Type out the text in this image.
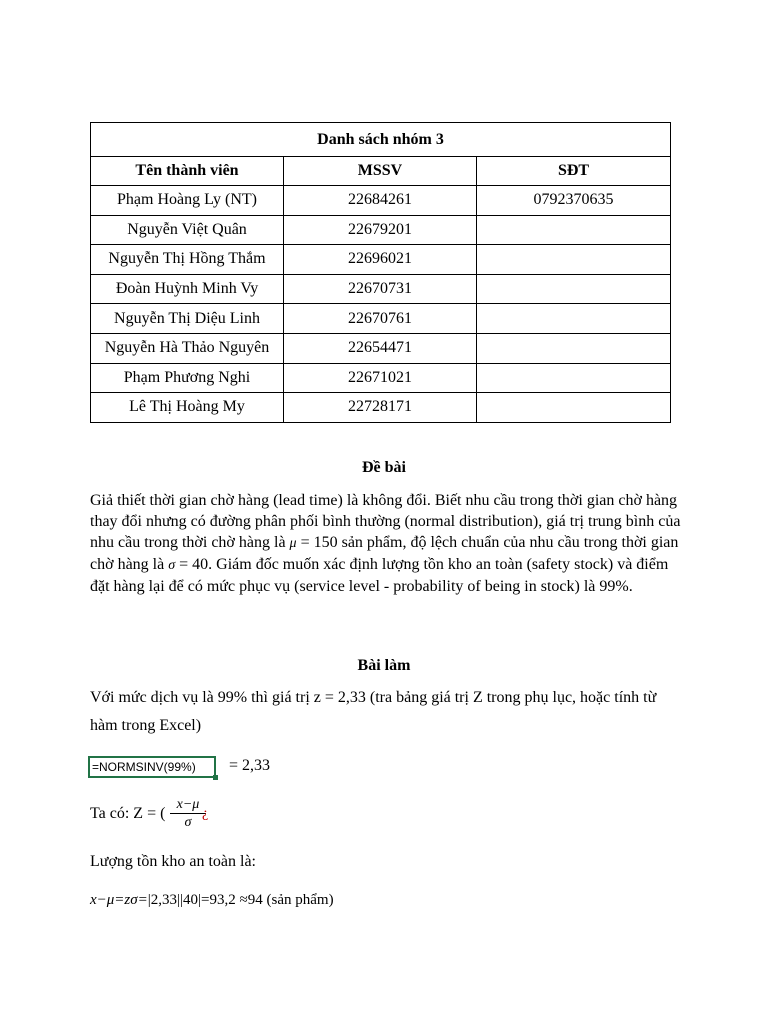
Danh sách nhóm 3		
Tên thành viên	MSSV	SĐT
Phạm Hoàng Ly (NT)	22684261	0792370635
Nguyễn Việt Quân	22679201	
Nguyễn Thị Hồng Thắm	22696021	
Đoàn Huỳnh Minh Vy	22670731	
Nguyễn Thị Diệu Linh	22670761	
Nguyễn Hà Thảo Nguyên	22654471	
Phạm Phương Nghi	22671021	
Lê Thị Hoàng My	22728171	
Đề bài
Giả thiết thời gian chờ hàng (lead time) là không đổi. Biết nhu cầu trong thời gian chờ hàng thay đổi nhưng có đường phân phối bình thường (normal distribution), giá trị trung bình của nhu cầu trong thời chờ hàng là μ = 150 sản phẩm, độ lệch chuẩn của nhu cầu trong thời gian chờ hàng là σ = 40. Giám đốc muốn xác định lượng tồn kho an toàn (safety stock) và điểm đặt hàng lại để có mức phục vụ (service level - probability of being in stock) là 99%.
Bài làm
Với mức dịch vụ là 99% thì giá trị z = 2,33 (tra bảng giá trị Z trong phụ lục, hoặc tính từ hàm trong Excel)
=NORMSINV(99%)	= 2,33
Ta có: Z = ( $\frac{x-\mu}{\sigma}$
¿
Lượng tồn kho an toàn là:
x−μ=zσ=|2,33||40|=93,2 ≈94 (sản phẩm)
